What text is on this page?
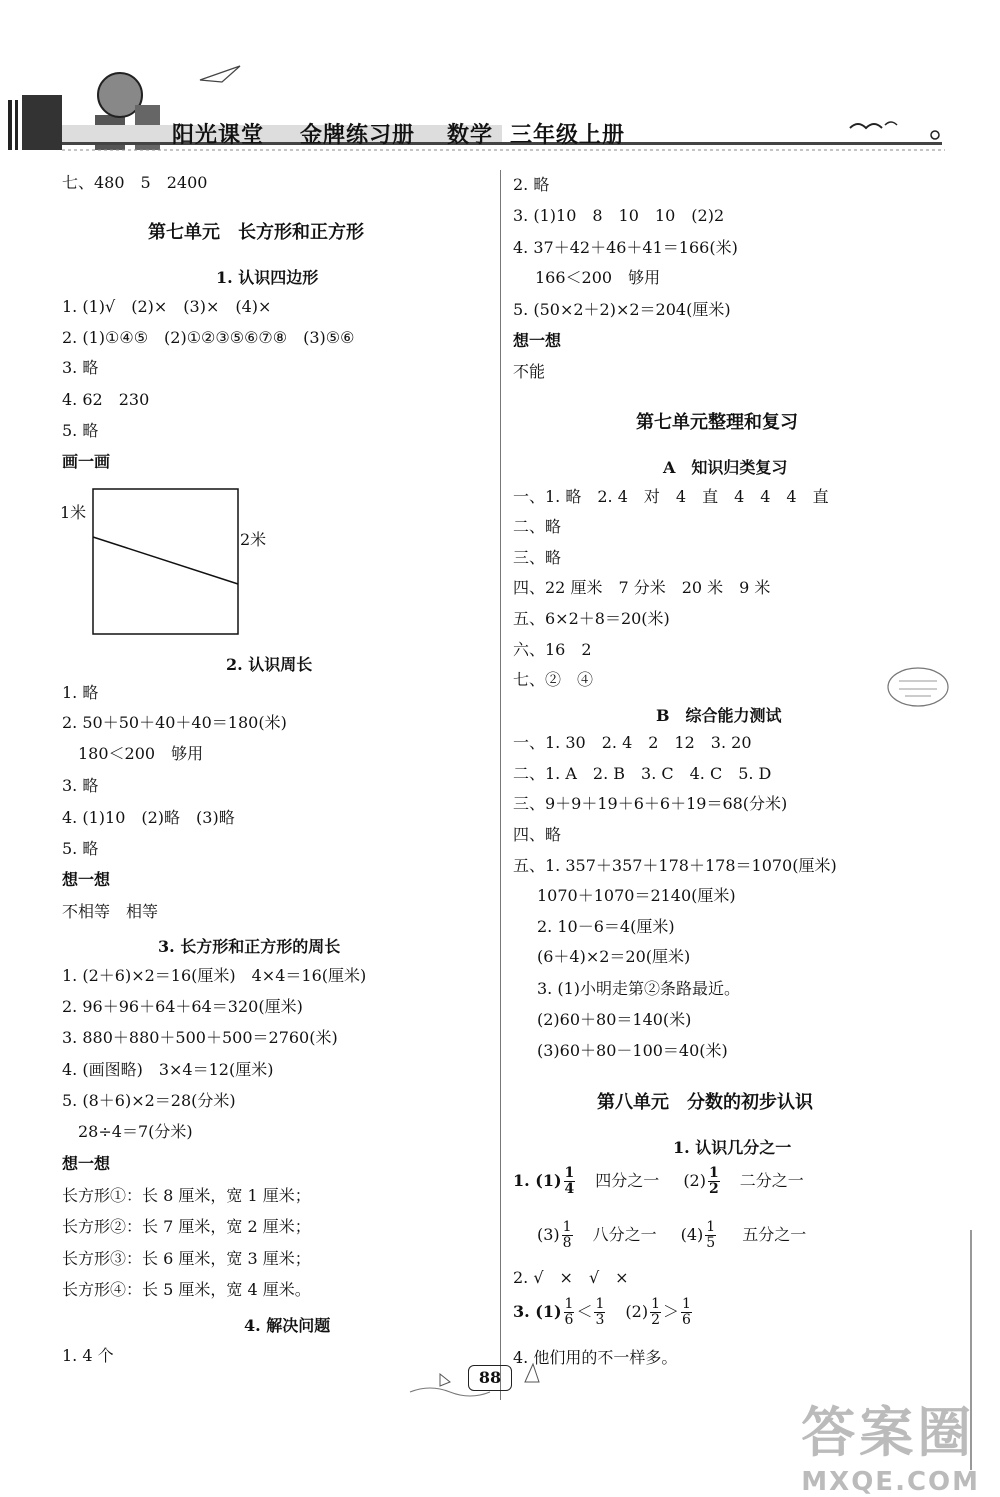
阳光课堂 金牌练习册 数学 三年级上册
七、480　5　2400
第七单元　长方形和正方形
1. 认识四边形
1. (1)√　(2)×　(3)×　(4)×
2. (1)①④⑤　(2)①②③⑤⑥⑦⑧　(3)⑤⑥
3. 略
4. 62　230
5. 略
画一画
1米
2米
2. 认识周长
1. 略
2. 50＋50＋40＋40＝180(米)
180＜200　够用
3. 略
4. (1)10　(2)略　(3)略
5. 略
想一想
不相等　相等
3. 长方形和正方形的周长
1. (2＋6)×2＝16(厘米)　4×4＝16(厘米)
2. 96＋96＋64＋64＝320(厘米)
3. 880＋880＋500＋500＝2760(米)
4. (画图略)　3×4＝12(厘米)
5. (8＋6)×2＝28(分米)
28÷4＝7(分米)
想一想
长方形①：长 8 厘米，宽 1 厘米；
长方形②：长 7 厘米，宽 2 厘米；
长方形③：长 6 厘米，宽 3 厘米；
长方形④：长 5 厘米，宽 4 厘米。
4. 解决问题
1. 4 个
2. 略
3. (1)10　8　10　10　(2)2
4. 37＋42＋46＋41＝166(米)
166＜200　够用
5. (50×2＋2)×2＝204(厘米)
想一想
不能
第七单元整理和复习
A　知识归类复习
一、1. 略　2. 4　对　4　直　4　4　4　直
二、略
三、略
四、22 厘米　7 分米　20 米　9 米
五、6×2＋8＝20(米)
六、16　2
七、②　④
B　综合能力测试
一、1. 30　2. 4　2　12　3. 20
二、1. A　2. B　3. C　4. C　5. D
三、9＋9＋19＋6＋6＋19＝68(分米)
四、略
五、1. 357＋357＋178＋178＝1070(厘米)
1070＋1070＝2140(厘米)
2. 10－6＝4(厘米)
(6＋4)×2＝20(厘米)
3. (1)小明走第②条路最近。
(2)60＋80＝140(米)
(3)60＋80－100＝40(米)
第八单元　分数的初步认识
1. 认识几分之一
1. $(1) \frac{1}{4}$ 四分之一 $(2) \frac{1}{2}$ 二分之一
$(3) \frac{1}{8}$ 八分之一 $(4) \frac{1}{5}$ 五分之一
2. √　×　√　×
3. $(1) \frac{1}{6} < \frac{1}{3} (2) \frac{1}{2} > \frac{1}{6}$
4. 他们用的不一样多。
88
答案圈
MXQE.COM
